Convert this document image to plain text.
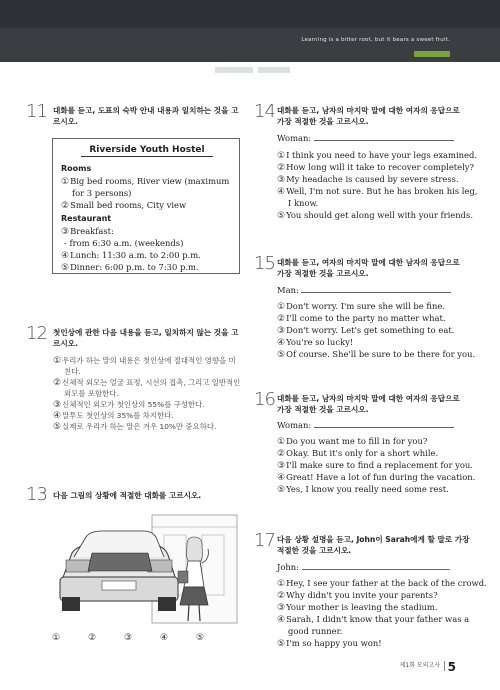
Learning is a bitter root, but it bears a sweet fruit.
11 대화를 듣고, 도표의 숙박 안내 내용과 일치하는 것을 고
르시오.
Riverside Youth Hostel
Rooms
①Big bed rooms, River view (maximum
for 3 persons)
②Small bed rooms, City view
Restaurant
③Breakfast:
- from 6:30 a.m. (weekends)
④Lunch: 11:30 a.m. to 2:00 p.m.
⑤Dinner: 6:00 p.m. to 7:30 p.m.
12 첫인상에 관한 다음 내용을 듣고, 일치하지 않는 것을 고
르시오.
①우리가 하는 말의 내용은 첫인상에 절대적인 영향을 미
친다.
②신체적 외모는 얼굴 표정, 시선의 접촉, 그리고 일반적인
외모를 포함한다.
③신체적인 외모가 첫인상의 55%를 구성한다.
④말투도 첫인상의 35%를 차지한다.
⑤실제로 우리가 하는 말은 겨우 10%만 중요하다.
13 다음 그림의 상황에 적절한 대화를 고르시오.
①	②	③	④	⑤
14 대화를 듣고, 남자의 마지막 말에 대한 여자의 응답으로
가장 적절한 것을 고르시오.
Woman:
①I think you need to have your legs examined.
②How long will it take to recover completely?
③My headache is caused by severe stress.
④Well, I'm not sure. But he has broken his leg,
I know.
⑤You should get along well with your friends.
15 대화를 듣고, 여자의 마지막 말에 대한 남자의 응답으로
가장 적절한 것을 고르시오.
Man:
①Don't worry. I'm sure she will be fine.
②I'll come to the party no matter what.
③Don't worry. Let's get something to eat.
④You're so lucky!
⑤Of course. She'll be sure to be there for you.
16 대화를 듣고, 남자의 마지막 말에 대한 여자의 응답으로
가장 적절한 것을 고르시오.
Woman:
①Do you want me to fill in for you?
②Okay. But it's only for a short while.
③I'll make sure to find a replacement for you.
④Great! Have a lot of fun during the vacation.
⑤Yes, I know you really need some rest.
17 다음 상황 설명을 듣고, John이 Sarah에게 할 말로 가장
적절한 것을 고르시오.
John:
①Hey, I see your father at the back of the crowd.
②Why didn't you invite your parents?
③Your mother is leaving the stadium.
④Sarah, I didn't know that your father was a
good runner.
⑤I'm so happy you won!
제1회 모의고사 5
